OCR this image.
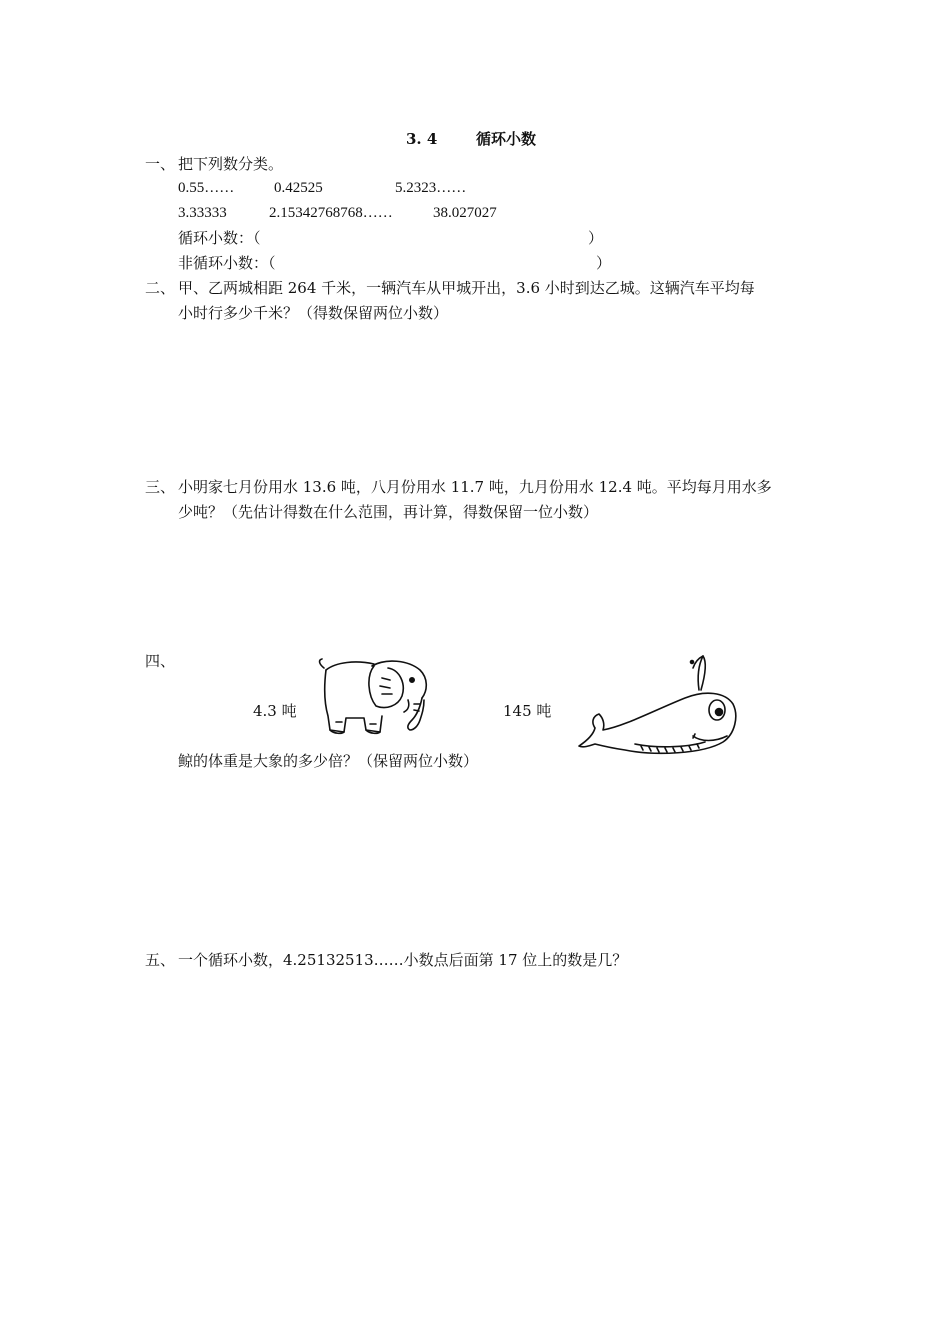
3. 4	循环小数
一、 把下列数分类。
0.55……	0.42525	5.2323……
3.33333	2.15342768768……	38.027027
循环小数：（	）
非循环小数：（	）
二、 甲、乙两城相距 264 千米，一辆汽车从甲城开出，3.6 小时到达乙城。这辆汽车平均每
小时行多少千米？（得数保留两位小数）
三、 小明家七月份用水 13.6 吨，八月份用水 11.7 吨，九月份用水 12.4 吨。平均每月用水多
少吨？（先估计得数在什么范围，再计算，得数保留一位小数）
四、
4.3 吨	145 吨
鲸的体重是大象的多少倍？（保留两位小数）
五、 一个循环小数，4.25132513……小数点后面第 17 位上的数是几？
